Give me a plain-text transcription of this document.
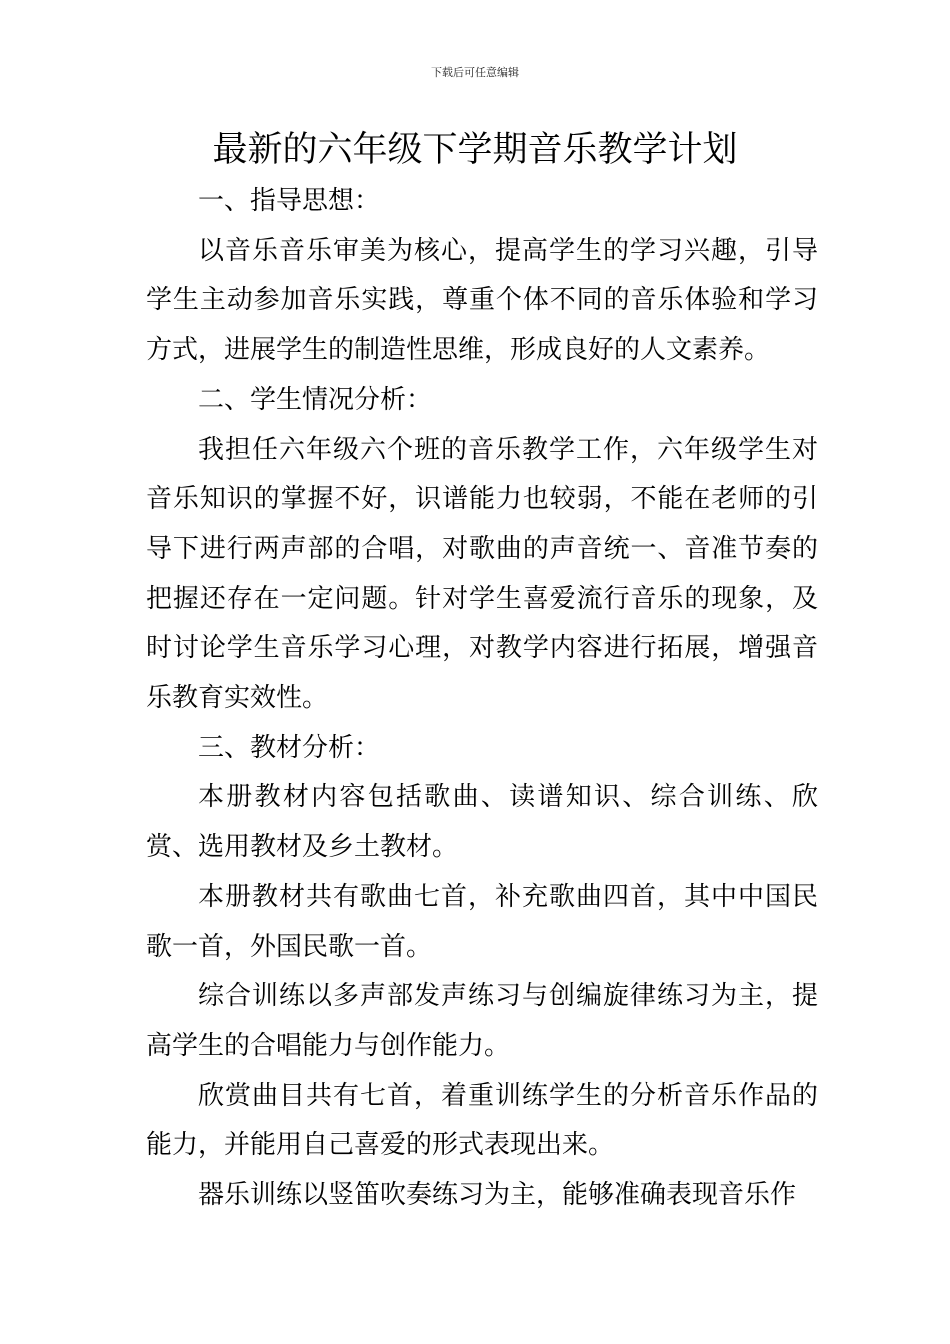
下载后可任意编辑
最新的六年级下学期音乐教学计划

一、指导思想：

以音乐音乐审美为核心，提高学生的学习兴趣，引导学生主动参加音乐实践，尊重个体不同的音乐体验和学习方式，进展学生的制造性思维，形成良好的人文素养。

二、学生情况分析：

我担任六年级六个班的音乐教学工作，六年级学生对音乐知识的掌握不好，识谱能力也较弱，不能在老师的引导下进行两声部的合唱，对歌曲的声音统一、音准节奏的把握还存在一定问题。针对学生喜爱流行音乐的现象，及时讨论学生音乐学习心理，对教学内容进行拓展，增强音乐教育实效性。

三、教材分析：

本册教材内容包括歌曲、读谱知识、综合训练、欣赏、选用教材及乡土教材。

本册教材共有歌曲七首，补充歌曲四首，其中中国民歌一首，外国民歌一首。

综合训练以多声部发声练习与创编旋律练习为主，提高学生的合唱能力与创作能力。

欣赏曲目共有七首，着重训练学生的分析音乐作品的能力，并能用自己喜爱的形式表现出来。

器乐训练以竖笛吹奏练习为主，能够准确表现音乐作
